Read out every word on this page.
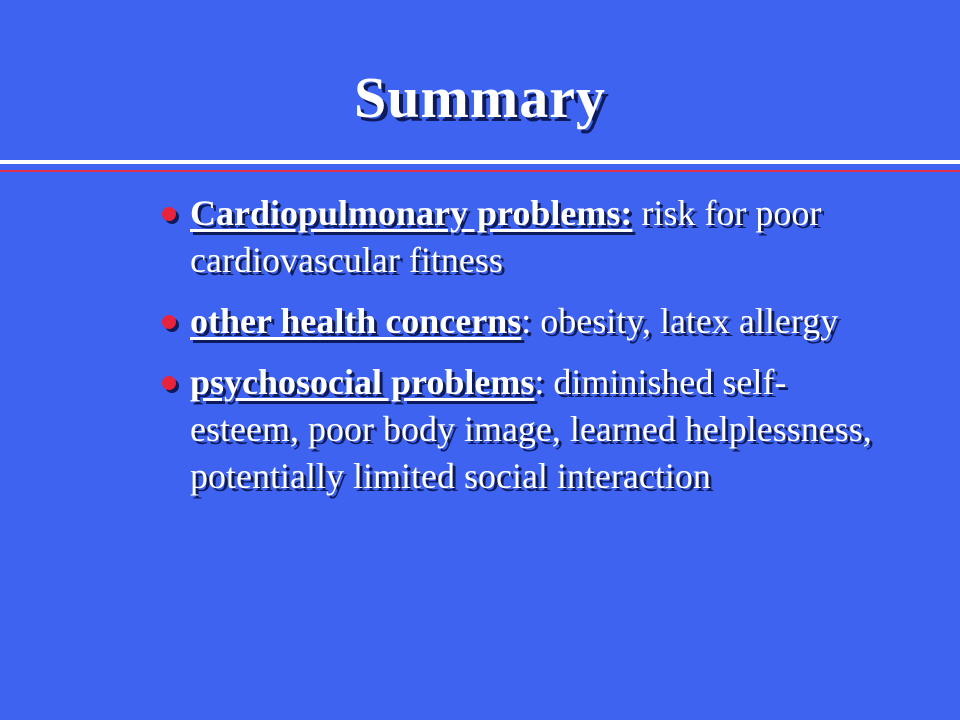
Summary
Cardiopulmonary problems: risk for poor cardiovascular fitness
other health concerns: obesity, latex allergy
psychosocial problems: diminished self-esteem, poor body image, learned helplessness, potentially limited social interaction
